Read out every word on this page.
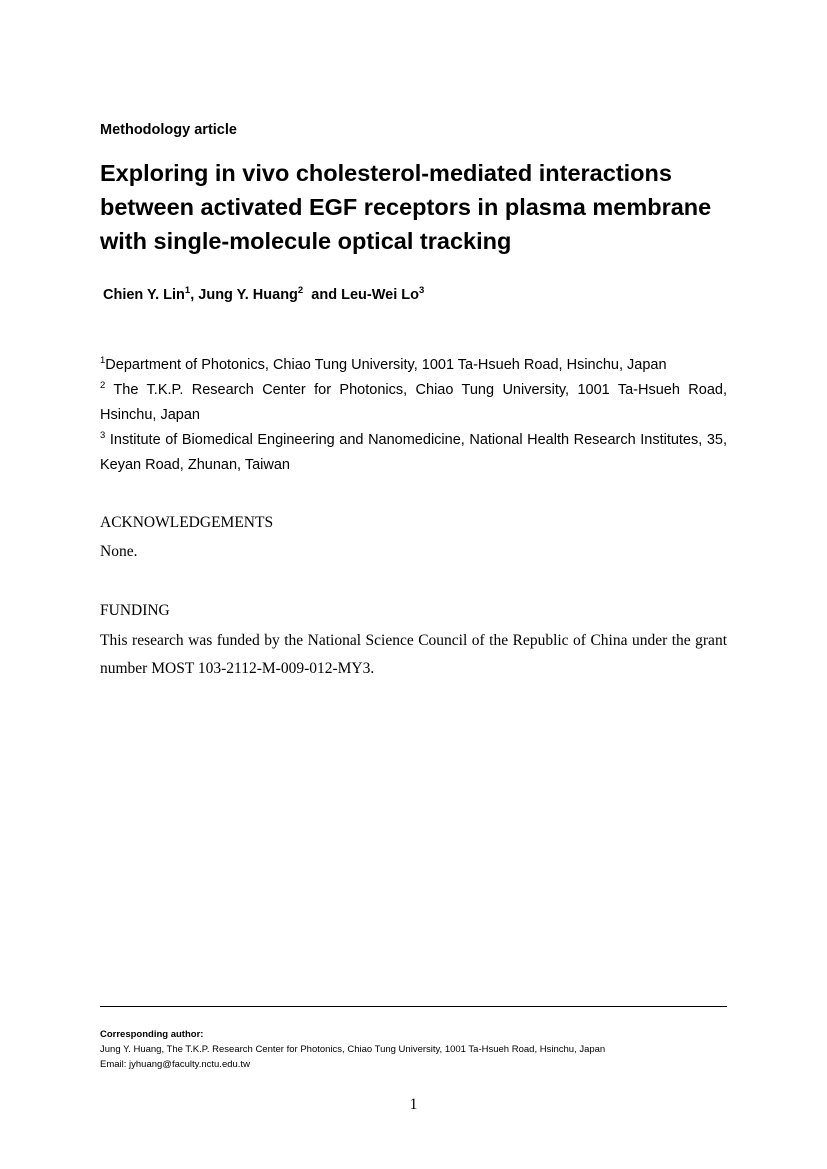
Methodology article
Exploring in vivo cholesterol-mediated interactions between activated EGF receptors in plasma membrane with single-molecule optical tracking
Chien Y. Lin$^1$, Jung Y. Huang$^2$  and Leu-Wei Lo$^3$

$^1$Department of Photonics, Chiao Tung University, 1001 Ta-Hsueh Road, Hsinchu, Japan

$^2$ The T.K.P. Research Center for Photonics, Chiao Tung University, 1001 Ta-Hsueh Road, Hsinchu, Japan

$^3$ Institute of Biomedical Engineering and Nanomedicine, National Health Research Institutes, 35, Keyan Road, Zhunan, Taiwan

ACKNOWLEDGEMENTS

None.

FUNDING

This research was funded by the National Science Council of the Republic of China under the grant number MOST 103-2112-M-009-012-MY3.

Corresponding author:
Jung Y. Huang, The T.K.P. Research Center for Photonics, Chiao Tung University, 1001 Ta-Hsueh Road, Hsinchu, Japan
Email: jyhuang@faculty.nctu.edu.tw
1
